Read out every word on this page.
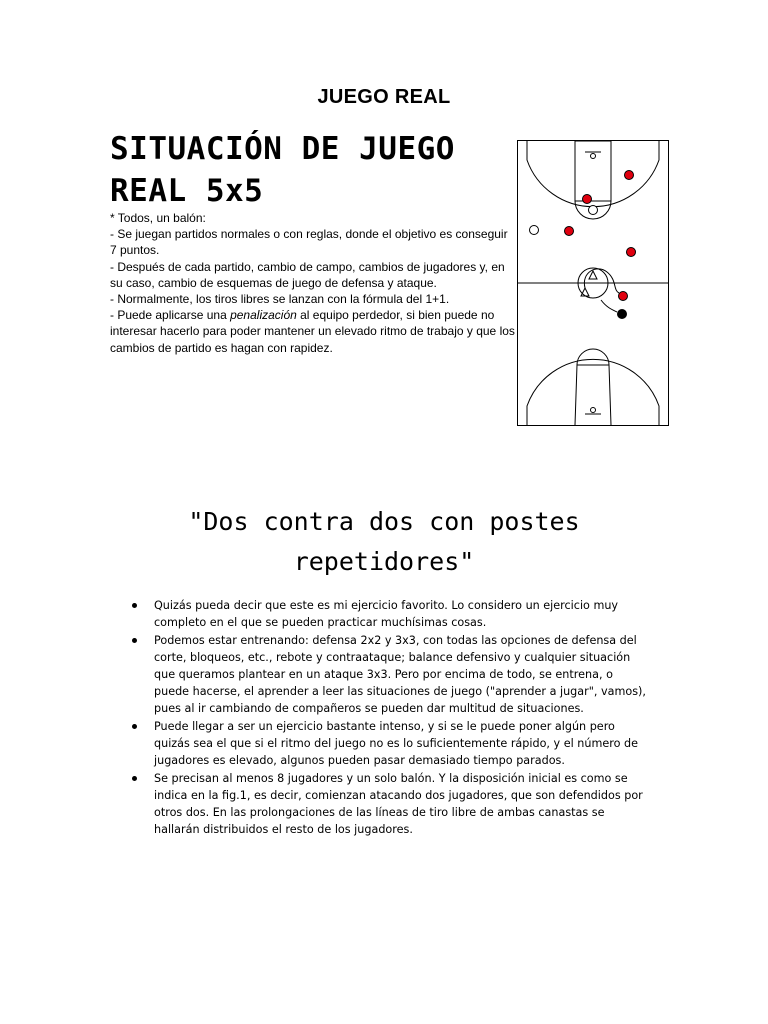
JUEGO REAL
SITUACIÓN DE JUEGO REAL 5x5

* Todos, un balón:

- Se juegan partidos normales o con reglas, donde el objetivo es conseguir 7 puntos.

- Después de cada partido, cambio de campo, cambios de jugadores y, en su caso, cambio de esquemas de juego de defensa y ataque.

- Normalmente, los tiros libres se lanzan con la fórmula del 1+1.

- Puede aplicarse una penalización al equipo perdedor, si bien puede no interesar hacerlo para poder mantener un elevado ritmo de trabajo y que los cambios de partido es hagan con rapidez.

"Dos contra dos con postes repetidores"
Quizás pueda decir que este es mi ejercicio favorito. Lo considero un ejercicio muy completo en el que se pueden practicar muchísimas cosas.
Podemos estar entrenando: defensa 2x2 y 3x3, con todas las opciones de defensa del corte, bloqueos, etc., rebote y contraataque; balance defensivo y cualquier situación que queramos plantear en un ataque 3x3. Pero por encima de todo, se entrena, o puede hacerse, el aprender a leer las situaciones de juego ("aprender a jugar", vamos), pues al ir cambiando de compañeros se pueden dar multitud de situaciones.
Puede llegar a ser un ejercicio bastante intenso, y si se le puede poner algún pero quizás sea el que si el ritmo del juego no es lo suficientemente rápido, y el número de jugadores es elevado, algunos pueden pasar demasiado tiempo parados.
Se precisan al menos 8 jugadores y un solo balón. Y la disposición inicial es como se indica en la fig.1, es decir, comienzan atacando dos jugadores, que son defendidos por otros dos. En las prolongaciones de las líneas de tiro libre de ambas canastas se hallarán distribuidos el resto de los jugadores.
